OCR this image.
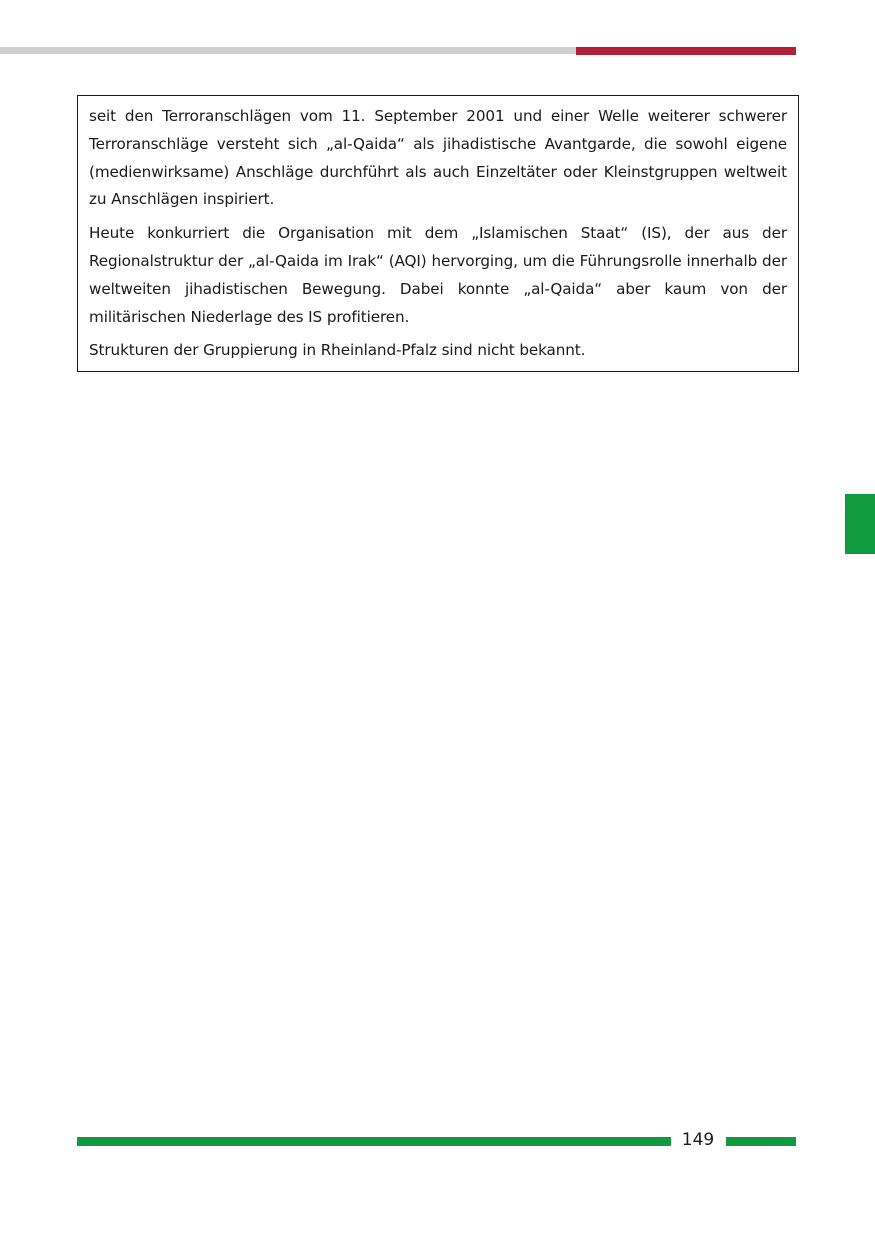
seit den Terroranschlägen vom 11. September 2001 und einer Welle weiterer schwerer Terroranschläge versteht sich „al-Qaida“ als jihadistische Avantgarde, die sowohl eigene (medienwirksame) Anschläge durchführt als auch Einzeltäter oder Kleinstgruppen weltweit zu Anschlägen inspiriert.

Heute konkurriert die Organisation mit dem „Islamischen Staat“ (IS), der aus der Regionalstruktur der „al-Qaida im Irak“ (AQI) hervorging, um die Führungsrolle innerhalb der weltweiten jihadistischen Bewegung. Dabei konnte „al-Qaida“ aber kaum von der militärischen Niederlage des IS profitieren.

Strukturen der Gruppierung in Rheinland-Pfalz sind nicht bekannt.

149
